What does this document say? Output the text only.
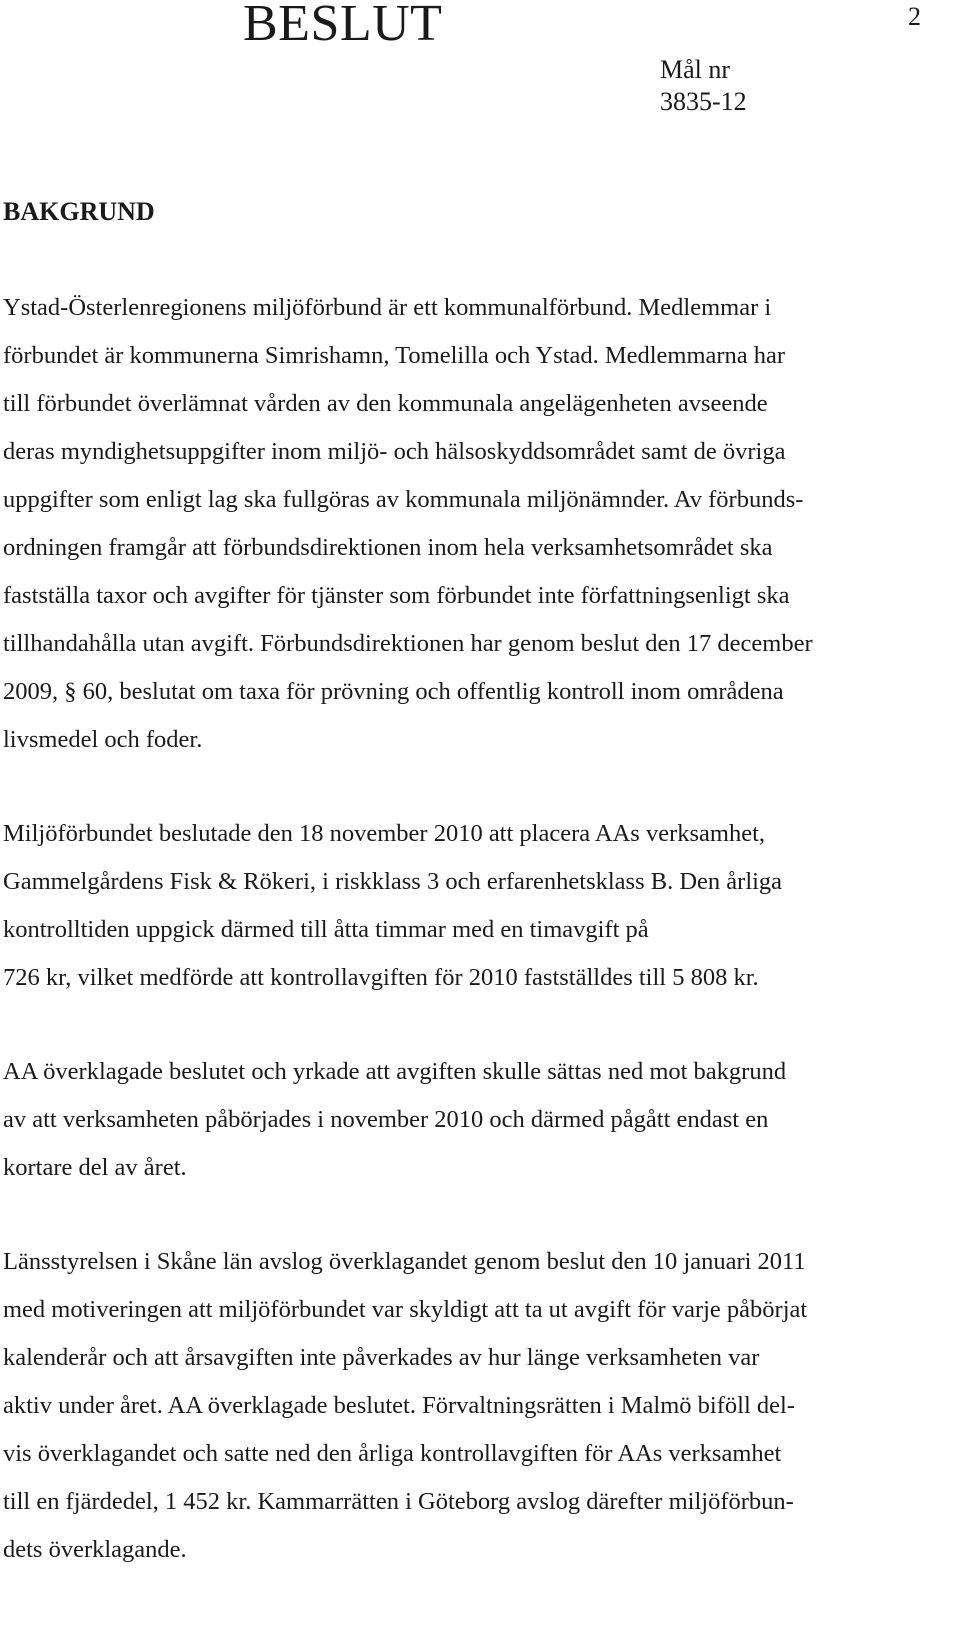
BESLUT	2
Mål nr
3835-12
BAKGRUND

Ystad-Österlenregionens miljöförbund är ett kommunalförbund. Medlemmar i
förbundet är kommunerna Simrishamn, Tomelilla och Ystad. Medlemmarna har
till förbundet överlämnat vården av den kommunala angelägenheten avseende
deras myndighetsuppgifter inom miljö- och hälsoskyddsområdet samt de övriga
uppgifter som enligt lag ska fullgöras av kommunala miljönämnder. Av förbunds-
ordningen framgår att förbundsdirektionen inom hela verksamhetsområdet ska
fastställa taxor och avgifter för tjänster som förbundet inte författningsenligt ska
tillhandahålla utan avgift. Förbundsdirektionen har genom beslut den 17 december
2009, § 60, beslutat om taxa för prövning och offentlig kontroll inom områdena
livsmedel och foder.

Miljöförbundet beslutade den 18 november 2010 att placera AAs verksamhet,
Gammelgårdens Fisk & Rökeri, i riskklass 3 och erfarenhetsklass B. Den årliga
kontrolltiden uppgick därmed till åtta timmar med en timavgift på
726 kr, vilket medförde att kontrollavgiften för 2010 fastställdes till 5 808 kr.

AA överklagade beslutet och yrkade att avgiften skulle sättas ned mot bakgrund
av att verksamheten påbörjades i november 2010 och därmed pågått endast en
kortare del av året.

Länsstyrelsen i Skåne län avslog överklagandet genom beslut den 10 januari 2011
med motiveringen att miljöförbundet var skyldigt att ta ut avgift för varje påbörjat
kalenderår och att årsavgiften inte påverkades av hur länge verksamheten var
aktiv under året. AA överklagade beslutet. Förvaltningsrätten i Malmö biföll del-
vis överklagandet och satte ned den årliga kontrollavgiften för AAs verksamhet
till en fjärdedel, 1 452 kr. Kammarrätten i Göteborg avslog därefter miljöförbun-
dets överklagande.
